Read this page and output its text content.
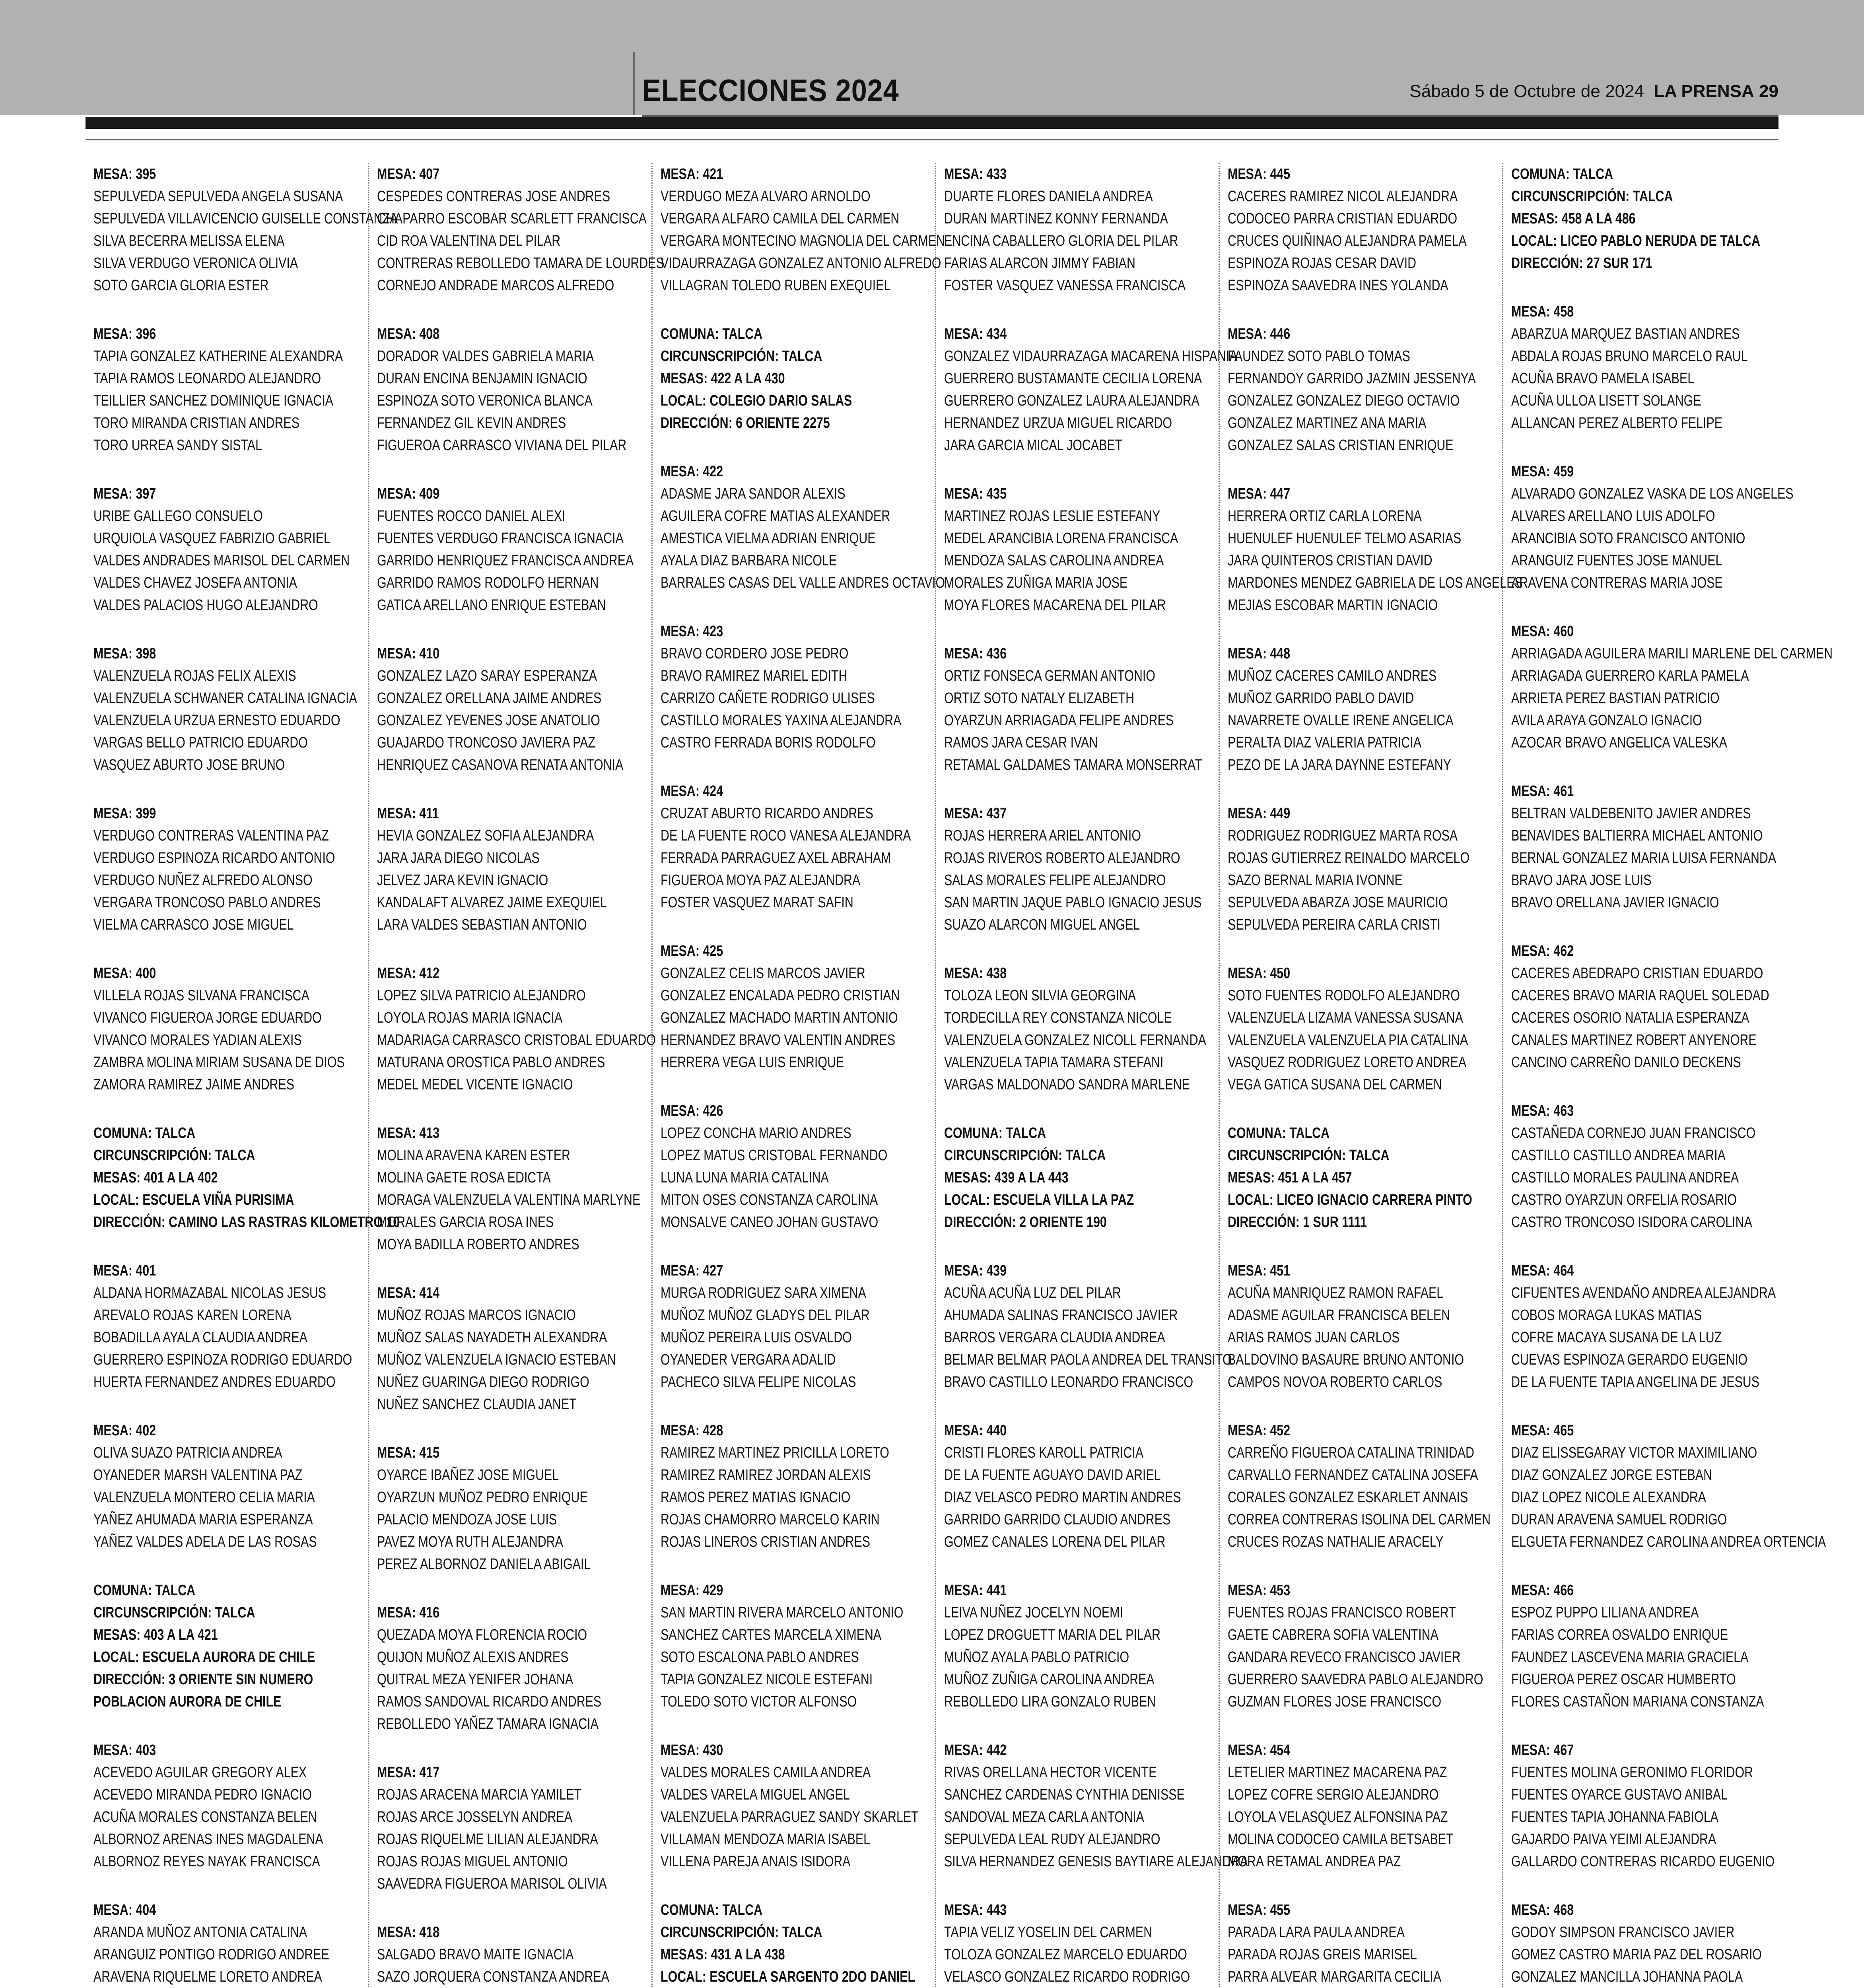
ELECCIONES 2024	Sábado 5 de Octubre de 2024 LA PRENSA 29
MESA: 395
SEPULVEDA SEPULVEDA ANGELA SUSANA
SEPULVEDA VILLAVICENCIO GUISELLE CONSTANZA
SILVA BECERRA MELISSA ELENA
SILVA VERDUGO VERONICA OLIVIA
SOTO GARCIA GLORIA ESTER
MESA: 396
TAPIA GONZALEZ KATHERINE ALEXANDRA
TAPIA RAMOS LEONARDO ALEJANDRO
TEILLIER SANCHEZ DOMINIQUE IGNACIA
TORO MIRANDA CRISTIAN ANDRES
TORO URREA SANDY SISTAL
MESA: 397
URIBE GALLEGO CONSUELO
URQUIOLA VASQUEZ FABRIZIO GABRIEL
VALDES ANDRADES MARISOL DEL CARMEN
VALDES CHAVEZ JOSEFA ANTONIA
VALDES PALACIOS HUGO ALEJANDRO
MESA: 398
VALENZUELA ROJAS FELIX ALEXIS
VALENZUELA SCHWANER CATALINA IGNACIA
VALENZUELA URZUA ERNESTO EDUARDO
VARGAS BELLO PATRICIO EDUARDO
VASQUEZ ABURTO JOSE BRUNO
MESA: 399
VERDUGO CONTRERAS VALENTINA PAZ
VERDUGO ESPINOZA RICARDO ANTONIO
VERDUGO NUÑEZ ALFREDO ALONSO
VERGARA TRONCOSO PABLO ANDRES
VIELMA CARRASCO JOSE MIGUEL
MESA: 400
VILLELA ROJAS SILVANA FRANCISCA
VIVANCO FIGUEROA JORGE EDUARDO
VIVANCO MORALES YADIAN ALEXIS
ZAMBRA MOLINA MIRIAM SUSANA DE DIOS
ZAMORA RAMIREZ JAIME ANDRES
COMUNA: TALCA
CIRCUNSCRIPCIÓN: TALCA
MESAS: 401 A LA 402
LOCAL: ESCUELA VIÑA PURISIMA
DIRECCIÓN: CAMINO LAS RASTRAS KILOMETRO 10
MESA: 401
ALDANA HORMAZABAL NICOLAS JESUS
AREVALO ROJAS KAREN LORENA
BOBADILLA AYALA CLAUDIA ANDREA
GUERRERO ESPINOZA RODRIGO EDUARDO
HUERTA FERNANDEZ ANDRES EDUARDO
MESA: 402
OLIVA SUAZO PATRICIA ANDREA
OYANEDER MARSH VALENTINA PAZ
VALENZUELA MONTERO CELIA MARIA
YAÑEZ AHUMADA MARIA ESPERANZA
YAÑEZ VALDES ADELA DE LAS ROSAS
COMUNA: TALCA
CIRCUNSCRIPCIÓN: TALCA
MESAS: 403 A LA 421
LOCAL: ESCUELA AURORA DE CHILE
DIRECCIÓN: 3 ORIENTE SIN NUMERO
POBLACION AURORA DE CHILE
MESA: 403
ACEVEDO AGUILAR GREGORY ALEX
ACEVEDO MIRANDA PEDRO IGNACIO
ACUÑA MORALES CONSTANZA BELEN
ALBORNOZ ARENAS INES MAGDALENA
ALBORNOZ REYES NAYAK FRANCISCA
MESA: 404
ARANDA MUÑOZ ANTONIA CATALINA
ARANGUIZ PONTIGO RODRIGO ANDREE
ARAVENA RIQUELME LORETO ANDREA
MESA: 407
CESPEDES CONTRERAS JOSE ANDRES
CHAPARRO ESCOBAR SCARLETT FRANCISCA
CID ROA VALENTINA DEL PILAR
CONTRERAS REBOLLEDO TAMARA DE LOURDES
CORNEJO ANDRADE MARCOS ALFREDO
MESA: 408
DORADOR VALDES GABRIELA MARIA
DURAN ENCINA BENJAMIN IGNACIO
ESPINOZA SOTO VERONICA BLANCA
FERNANDEZ GIL KEVIN ANDRES
FIGUEROA CARRASCO VIVIANA DEL PILAR
MESA: 409
FUENTES ROCCO DANIEL ALEXI
FUENTES VERDUGO FRANCISCA IGNACIA
GARRIDO HENRIQUEZ FRANCISCA ANDREA
GARRIDO RAMOS RODOLFO HERNAN
GATICA ARELLANO ENRIQUE ESTEBAN
MESA: 410
GONZALEZ LAZO SARAY ESPERANZA
GONZALEZ ORELLANA JAIME ANDRES
GONZALEZ YEVENES JOSE ANATOLIO
GUAJARDO TRONCOSO JAVIERA PAZ
HENRIQUEZ CASANOVA RENATA ANTONIA
MESA: 411
HEVIA GONZALEZ SOFIA ALEJANDRA
JARA JARA DIEGO NICOLAS
JELVEZ JARA KEVIN IGNACIO
KANDALAFT ALVAREZ JAIME EXEQUIEL
LARA VALDES SEBASTIAN ANTONIO
MESA: 412
LOPEZ SILVA PATRICIO ALEJANDRO
LOYOLA ROJAS MARIA IGNACIA
MADARIAGA CARRASCO CRISTOBAL EDUARDO
MATURANA OROSTICA PABLO ANDRES
MEDEL MEDEL VICENTE IGNACIO
MESA: 413
MOLINA ARAVENA KAREN ESTER
MOLINA GAETE ROSA EDICTA
MORAGA VALENZUELA VALENTINA MARLYNE
MORALES GARCIA ROSA INES
MOYA BADILLA ROBERTO ANDRES
MESA: 414
MUÑOZ ROJAS MARCOS IGNACIO
MUÑOZ SALAS NAYADETH ALEXANDRA
MUÑOZ VALENZUELA IGNACIO ESTEBAN
NUÑEZ GUARINGA DIEGO RODRIGO
NUÑEZ SANCHEZ CLAUDIA JANET
MESA: 415
OYARCE IBAÑEZ JOSE MIGUEL
OYARZUN MUÑOZ PEDRO ENRIQUE
PALACIO MENDOZA JOSE LUIS
PAVEZ MOYA RUTH ALEJANDRA
PEREZ ALBORNOZ DANIELA ABIGAIL
MESA: 416
QUEZADA MOYA FLORENCIA ROCIO
QUIJON MUÑOZ ALEXIS ANDRES
QUITRAL MEZA YENIFER JOHANA
RAMOS SANDOVAL RICARDO ANDRES
REBOLLEDO YAÑEZ TAMARA IGNACIA
MESA: 417
ROJAS ARACENA MARCIA YAMILET
ROJAS ARCE JOSSELYN ANDREA
ROJAS RIQUELME LILIAN ALEJANDRA
ROJAS ROJAS MIGUEL ANTONIO
SAAVEDRA FIGUEROA MARISOL OLIVIA
MESA: 418
SALGADO BRAVO MAITE IGNACIA
SAZO JORQUERA CONSTANZA ANDREA
MESA: 421
VERDUGO MEZA ALVARO ARNOLDO
VERGARA ALFARO CAMILA DEL CARMEN
VERGARA MONTECINO MAGNOLIA DEL CARMEN
VIDAURRAZAGA GONZALEZ ANTONIO ALFREDO
VILLAGRAN TOLEDO RUBEN EXEQUIEL
COMUNA: TALCA
CIRCUNSCRIPCIÓN: TALCA
MESAS: 422 A LA 430
LOCAL: COLEGIO DARIO SALAS
DIRECCIÓN: 6 ORIENTE 2275
MESA: 422
ADASME JARA SANDOR ALEXIS
AGUILERA COFRE MATIAS ALEXANDER
AMESTICA VIELMA ADRIAN ENRIQUE
AYALA DIAZ BARBARA NICOLE
BARRALES CASAS DEL VALLE ANDRES OCTAVIO
MESA: 423
BRAVO CORDERO JOSE PEDRO
BRAVO RAMIREZ MARIEL EDITH
CARRIZO CAÑETE RODRIGO ULISES
CASTILLO MORALES YAXINA ALEJANDRA
CASTRO FERRADA BORIS RODOLFO
MESA: 424
CRUZAT ABURTO RICARDO ANDRES
DE LA FUENTE ROCO VANESA ALEJANDRA
FERRADA PARRAGUEZ AXEL ABRAHAM
FIGUEROA MOYA PAZ ALEJANDRA
FOSTER VASQUEZ MARAT SAFIN
MESA: 425
GONZALEZ CELIS MARCOS JAVIER
GONZALEZ ENCALADA PEDRO CRISTIAN
GONZALEZ MACHADO MARTIN ANTONIO
HERNANDEZ BRAVO VALENTIN ANDRES
HERRERA VEGA LUIS ENRIQUE
MESA: 426
LOPEZ CONCHA MARIO ANDRES
LOPEZ MATUS CRISTOBAL FERNANDO
LUNA LUNA MARIA CATALINA
MITON OSES CONSTANZA CAROLINA
MONSALVE CANEO JOHAN GUSTAVO
MESA: 427
MURGA RODRIGUEZ SARA XIMENA
MUÑOZ MUÑOZ GLADYS DEL PILAR
MUÑOZ PEREIRA LUIS OSVALDO
OYANEDER VERGARA ADALID
PACHECO SILVA FELIPE NICOLAS
MESA: 428
RAMIREZ MARTINEZ PRICILLA LORETO
RAMIREZ RAMIREZ JORDAN ALEXIS
RAMOS PEREZ MATIAS IGNACIO
ROJAS CHAMORRO MARCELO KARIN
ROJAS LINEROS CRISTIAN ANDRES
MESA: 429
SAN MARTIN RIVERA MARCELO ANTONIO
SANCHEZ CARTES MARCELA XIMENA
SOTO ESCALONA PABLO ANDRES
TAPIA GONZALEZ NICOLE ESTEFANI
TOLEDO SOTO VICTOR ALFONSO
MESA: 430
VALDES MORALES CAMILA ANDREA
VALDES VARELA MIGUEL ANGEL
VALENZUELA PARRAGUEZ SANDY SKARLET
VILLAMAN MENDOZA MARIA ISABEL
VILLENA PAREJA ANAIS ISIDORA
COMUNA: TALCA
CIRCUNSCRIPCIÓN: TALCA
MESAS: 431 A LA 438
LOCAL: ESCUELA SARGENTO 2DO DANIEL
MESA: 433
DUARTE FLORES DANIELA ANDREA
DURAN MARTINEZ KONNY FERNANDA
ENCINA CABALLERO GLORIA DEL PILAR
FARIAS ALARCON JIMMY FABIAN
FOSTER VASQUEZ VANESSA FRANCISCA
MESA: 434
GONZALEZ VIDAURRAZAGA MACARENA HISPANIA
GUERRERO BUSTAMANTE CECILIA LORENA
GUERRERO GONZALEZ LAURA ALEJANDRA
HERNANDEZ URZUA MIGUEL RICARDO
JARA GARCIA MICAL JOCABET
MESA: 435
MARTINEZ ROJAS LESLIE ESTEFANY
MEDEL ARANCIBIA LORENA FRANCISCA
MENDOZA SALAS CAROLINA ANDREA
MORALES ZUÑIGA MARIA JOSE
MOYA FLORES MACARENA DEL PILAR
MESA: 436
ORTIZ FONSECA GERMAN ANTONIO
ORTIZ SOTO NATALY ELIZABETH
OYARZUN ARRIAGADA FELIPE ANDRES
RAMOS JARA CESAR IVAN
RETAMAL GALDAMES TAMARA MONSERRAT
MESA: 437
ROJAS HERRERA ARIEL ANTONIO
ROJAS RIVEROS ROBERTO ALEJANDRO
SALAS MORALES FELIPE ALEJANDRO
SAN MARTIN JAQUE PABLO IGNACIO JESUS
SUAZO ALARCON MIGUEL ANGEL
MESA: 438
TOLOZA LEON SILVIA GEORGINA
TORDECILLA REY CONSTANZA NICOLE
VALENZUELA GONZALEZ NICOLL FERNANDA
VALENZUELA TAPIA TAMARA STEFANI
VARGAS MALDONADO SANDRA MARLENE
COMUNA: TALCA
CIRCUNSCRIPCIÓN: TALCA
MESAS: 439 A LA 443
LOCAL: ESCUELA VILLA LA PAZ
DIRECCIÓN: 2 ORIENTE 190
MESA: 439
ACUÑA ACUÑA LUZ DEL PILAR
AHUMADA SALINAS FRANCISCO JAVIER
BARROS VERGARA CLAUDIA ANDREA
BELMAR BELMAR PAOLA ANDREA DEL TRANSITO
BRAVO CASTILLO LEONARDO FRANCISCO
MESA: 440
CRISTI FLORES KAROLL PATRICIA
DE LA FUENTE AGUAYO DAVID ARIEL
DIAZ VELASCO PEDRO MARTIN ANDRES
GARRIDO GARRIDO CLAUDIO ANDRES
GOMEZ CANALES LORENA DEL PILAR
MESA: 441
LEIVA NUÑEZ JOCELYN NOEMI
LOPEZ DROGUETT MARIA DEL PILAR
MUÑOZ AYALA PABLO PATRICIO
MUÑOZ ZUÑIGA CAROLINA ANDREA
REBOLLEDO LIRA GONZALO RUBEN
MESA: 442
RIVAS ORELLANA HECTOR VICENTE
SANCHEZ CARDENAS CYNTHIA DENISSE
SANDOVAL MEZA CARLA ANTONIA
SEPULVEDA LEAL RUDY ALEJANDRO
SILVA HERNANDEZ GENESIS BAYTIARE ALEJANDRA
MESA: 443
TAPIA VELIZ YOSELIN DEL CARMEN
TOLOZA GONZALEZ MARCELO EDUARDO
VELASCO GONZALEZ RICARDO RODRIGO
MESA: 445
CACERES RAMIREZ NICOL ALEJANDRA
CODOCEO PARRA CRISTIAN EDUARDO
CRUCES QUIÑINAO ALEJANDRA PAMELA
ESPINOZA ROJAS CESAR DAVID
ESPINOZA SAAVEDRA INES YOLANDA
MESA: 446
FAUNDEZ SOTO PABLO TOMAS
FERNANDOY GARRIDO JAZMIN JESSENYA
GONZALEZ GONZALEZ DIEGO OCTAVIO
GONZALEZ MARTINEZ ANA MARIA
GONZALEZ SALAS CRISTIAN ENRIQUE
MESA: 447
HERRERA ORTIZ CARLA LORENA
HUENULEF HUENULEF TELMO ASARIAS
JARA QUINTEROS CRISTIAN DAVID
MARDONES MENDEZ GABRIELA DE LOS ANGELES
MEJIAS ESCOBAR MARTIN IGNACIO
MESA: 448
MUÑOZ CACERES CAMILO ANDRES
MUÑOZ GARRIDO PABLO DAVID
NAVARRETE OVALLE IRENE ANGELICA
PERALTA DIAZ VALERIA PATRICIA
PEZO DE LA JARA DAYNNE ESTEFANY
MESA: 449
RODRIGUEZ RODRIGUEZ MARTA ROSA
ROJAS GUTIERREZ REINALDO MARCELO
SAZO BERNAL MARIA IVONNE
SEPULVEDA ABARZA JOSE MAURICIO
SEPULVEDA PEREIRA CARLA CRISTI
MESA: 450
SOTO FUENTES RODOLFO ALEJANDRO
VALENZUELA LIZAMA VANESSA SUSANA
VALENZUELA VALENZUELA PIA CATALINA
VASQUEZ RODRIGUEZ LORETO ANDREA
VEGA GATICA SUSANA DEL CARMEN
COMUNA: TALCA
CIRCUNSCRIPCIÓN: TALCA
MESAS: 451 A LA 457
LOCAL: LICEO IGNACIO CARRERA PINTO
DIRECCIÓN: 1 SUR 1111
MESA: 451
ACUÑA MANRIQUEZ RAMON RAFAEL
ADASME AGUILAR FRANCISCA BELEN
ARIAS RAMOS JUAN CARLOS
BALDOVINO BASAURE BRUNO ANTONIO
CAMPOS NOVOA ROBERTO CARLOS
MESA: 452
CARREÑO FIGUEROA CATALINA TRINIDAD
CARVALLO FERNANDEZ CATALINA JOSEFA
CORALES GONZALEZ ESKARLET ANNAIS
CORREA CONTRERAS ISOLINA DEL CARMEN
CRUCES ROZAS NATHALIE ARACELY
MESA: 453
FUENTES ROJAS FRANCISCO ROBERT
GAETE CABRERA SOFIA VALENTINA
GANDARA REVECO FRANCISCO JAVIER
GUERRERO SAAVEDRA PABLO ALEJANDRO
GUZMAN FLORES JOSE FRANCISCO
MESA: 454
LETELIER MARTINEZ MACARENA PAZ
LOPEZ COFRE SERGIO ALEJANDRO
LOYOLA VELASQUEZ ALFONSINA PAZ
MOLINA CODOCEO CAMILA BETSABET
MORA RETAMAL ANDREA PAZ
MESA: 455
PARADA LARA PAULA ANDREA
PARADA ROJAS GREIS MARISEL
PARRA ALVEAR MARGARITA CECILIA
COMUNA: TALCA
CIRCUNSCRIPCIÓN: TALCA
MESAS: 458 A LA 486
LOCAL: LICEO PABLO NERUDA DE TALCA
DIRECCIÓN: 27 SUR 171
MESA: 458
ABARZUA MARQUEZ BASTIAN ANDRES
ABDALA ROJAS BRUNO MARCELO RAUL
ACUÑA BRAVO PAMELA ISABEL
ACUÑA ULLOA LISETT SOLANGE
ALLANCAN PEREZ ALBERTO FELIPE
MESA: 459
ALVARADO GONZALEZ VASKA DE LOS ANGELES
ALVARES ARELLANO LUIS ADOLFO
ARANCIBIA SOTO FRANCISCO ANTONIO
ARANGUIZ FUENTES JOSE MANUEL
ARAVENA CONTRERAS MARIA JOSE
MESA: 460
ARRIAGADA AGUILERA MARILI MARLENE DEL CARMEN
ARRIAGADA GUERRERO KARLA PAMELA
ARRIETA PEREZ BASTIAN PATRICIO
AVILA ARAYA GONZALO IGNACIO
AZOCAR BRAVO ANGELICA VALESKA
MESA: 461
BELTRAN VALDEBENITO JAVIER ANDRES
BENAVIDES BALTIERRA MICHAEL ANTONIO
BERNAL GONZALEZ MARIA LUISA FERNANDA
BRAVO JARA JOSE LUIS
BRAVO ORELLANA JAVIER IGNACIO
MESA: 462
CACERES ABEDRAPO CRISTIAN EDUARDO
CACERES BRAVO MARIA RAQUEL SOLEDAD
CACERES OSORIO NATALIA ESPERANZA
CANALES MARTINEZ ROBERT ANYENORE
CANCINO CARREÑO DANILO DECKENS
MESA: 463
CASTAÑEDA CORNEJO JUAN FRANCISCO
CASTILLO CASTILLO ANDREA MARIA
CASTILLO MORALES PAULINA ANDREA
CASTRO OYARZUN ORFELIA ROSARIO
CASTRO TRONCOSO ISIDORA CAROLINA
MESA: 464
CIFUENTES AVENDAÑO ANDREA ALEJANDRA
COBOS MORAGA LUKAS MATIAS
COFRE MACAYA SUSANA DE LA LUZ
CUEVAS ESPINOZA GERARDO EUGENIO
DE LA FUENTE TAPIA ANGELINA DE JESUS
MESA: 465
DIAZ ELISSEGARAY VICTOR MAXIMILIANO
DIAZ GONZALEZ JORGE ESTEBAN
DIAZ LOPEZ NICOLE ALEXANDRA
DURAN ARAVENA SAMUEL RODRIGO
ELGUETA FERNANDEZ CAROLINA ANDREA ORTENCIA
MESA: 466
ESPOZ PUPPO LILIANA ANDREA
FARIAS CORREA OSVALDO ENRIQUE
FAUNDEZ LASCEVENA MARIA GRACIELA
FIGUEROA PEREZ OSCAR HUMBERTO
FLORES CASTAÑON MARIANA CONSTANZA
MESA: 467
FUENTES MOLINA GERONIMO FLORIDOR
FUENTES OYARCE GUSTAVO ANIBAL
FUENTES TAPIA JOHANNA FABIOLA
GAJARDO PAIVA YEIMI ALEJANDRA
GALLARDO CONTRERAS RICARDO EUGENIO
MESA: 468
GODOY SIMPSON FRANCISCO JAVIER
GOMEZ CASTRO MARIA PAZ DEL ROSARIO
GONZALEZ MANCILLA JOHANNA PAOLA
